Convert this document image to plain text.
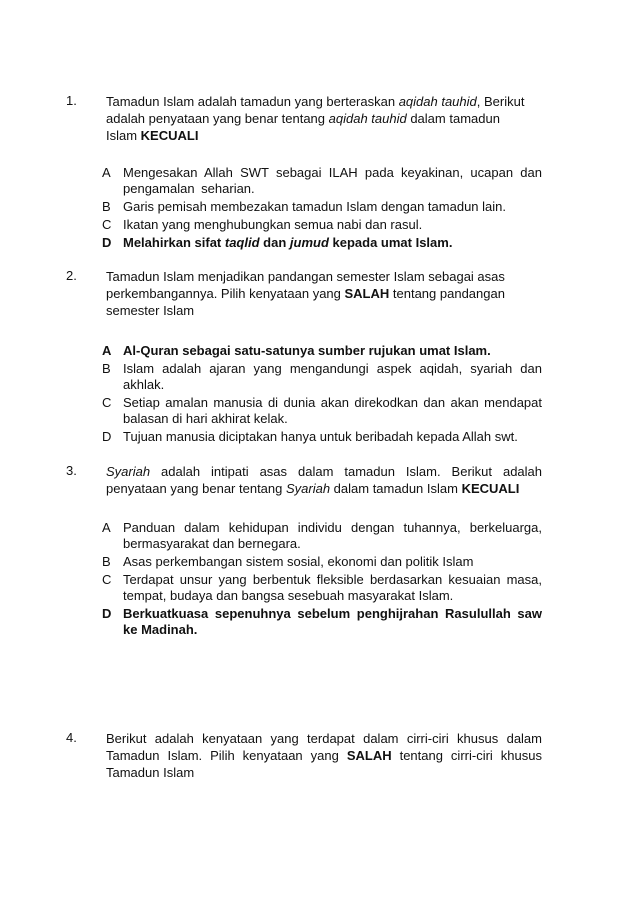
1. Tamadun Islam adalah tamadun yang berteraskan aqidah tauhid, Berikut adalah penyataan yang benar tentang aqidah tauhid dalam tamadun Islam KECUALI
A Mengesakan Allah SWT sebagai ILAH pada keyakinan, ucapan dan pengamalan seharian.
B Garis pemisah membezakan tamadun Islam dengan tamadun lain.
C Ikatan yang menghubungkan semua nabi dan rasul.
D Melahirkan sifat taqlid dan jumud kepada umat Islam.
2. Tamadun Islam menjadikan pandangan semester Islam sebagai asas perkembangannya. Pilih kenyataan yang SALAH tentang pandangan semester Islam
A Al-Quran sebagai satu-satunya sumber rujukan umat Islam.
B Islam adalah ajaran yang mengandungi aspek aqidah, syariah dan akhlak.
C Setiap amalan manusia di dunia akan direkodkan dan akan mendapat balasan di hari akhirat kelak.
D Tujuan manusia diciptakan hanya untuk beribadah kepada Allah swt.
3. Syariah adalah intipati asas dalam tamadun Islam. Berikut adalah penyataan yang benar tentang Syariah dalam tamadun Islam KECUALI
A Panduan dalam kehidupan individu dengan tuhannya, berkeluarga, bermasyarakat dan bernegara.
B Asas perkembangan sistem sosial, ekonomi dan politik Islam
C Terdapat unsur yang berbentuk fleksible berdasarkan kesuaian masa, tempat, budaya dan bangsa sesebuah masyarakat Islam.
D Berkuatkuasa sepenuhnya sebelum penghijrahan Rasulullah saw ke Madinah.
4. Berikut adalah kenyataan yang terdapat dalam cirri-ciri khusus dalam Tamadun Islam. Pilih kenyataan yang SALAH tentang cirri-ciri khusus Tamadun Islam
